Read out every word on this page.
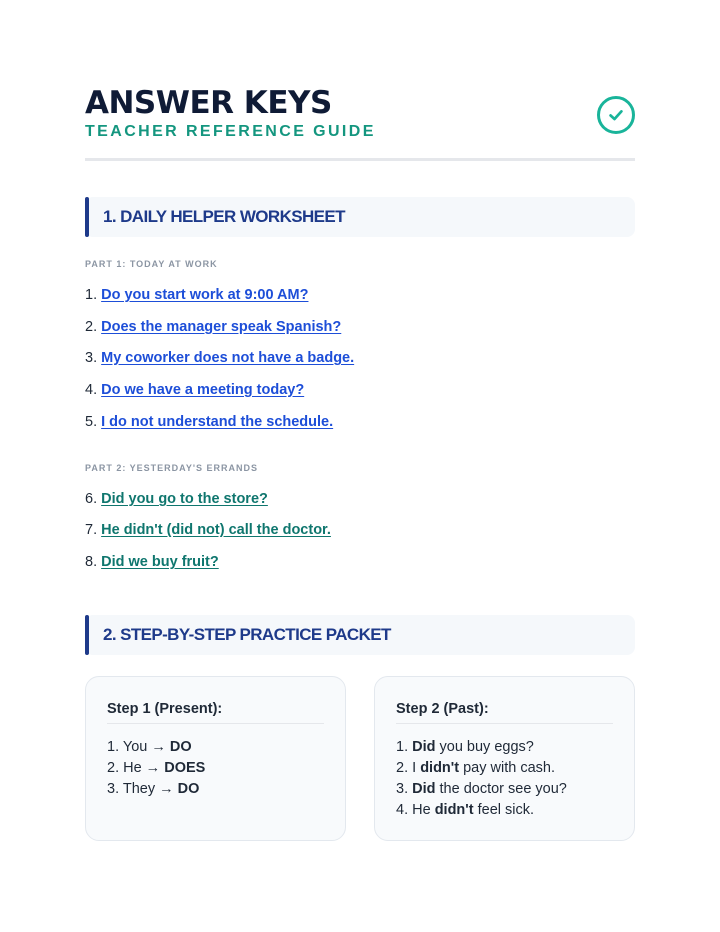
ANSWER KEYS
TEACHER REFERENCE GUIDE
1. DAILY HELPER WORKSHEET
PART 1: TODAY AT WORK
1. Do you start work at 9:00 AM?
2. Does the manager speak Spanish?
3. My coworker does not have a badge.
4. Do we have a meeting today?
5. I do not understand the schedule.
PART 2: YESTERDAY'S ERRANDS
6. Did you go to the store?
7. He didn't (did not) call the doctor.
8. Did we buy fruit?
2. STEP-BY-STEP PRACTICE PACKET
Step 1 (Present):
1. You → DO
2. He → DOES
3. They → DO
Step 2 (Past):
1. Did you buy eggs?
2. I didn't pay with cash.
3. Did the doctor see you?
4. He didn't feel sick.
